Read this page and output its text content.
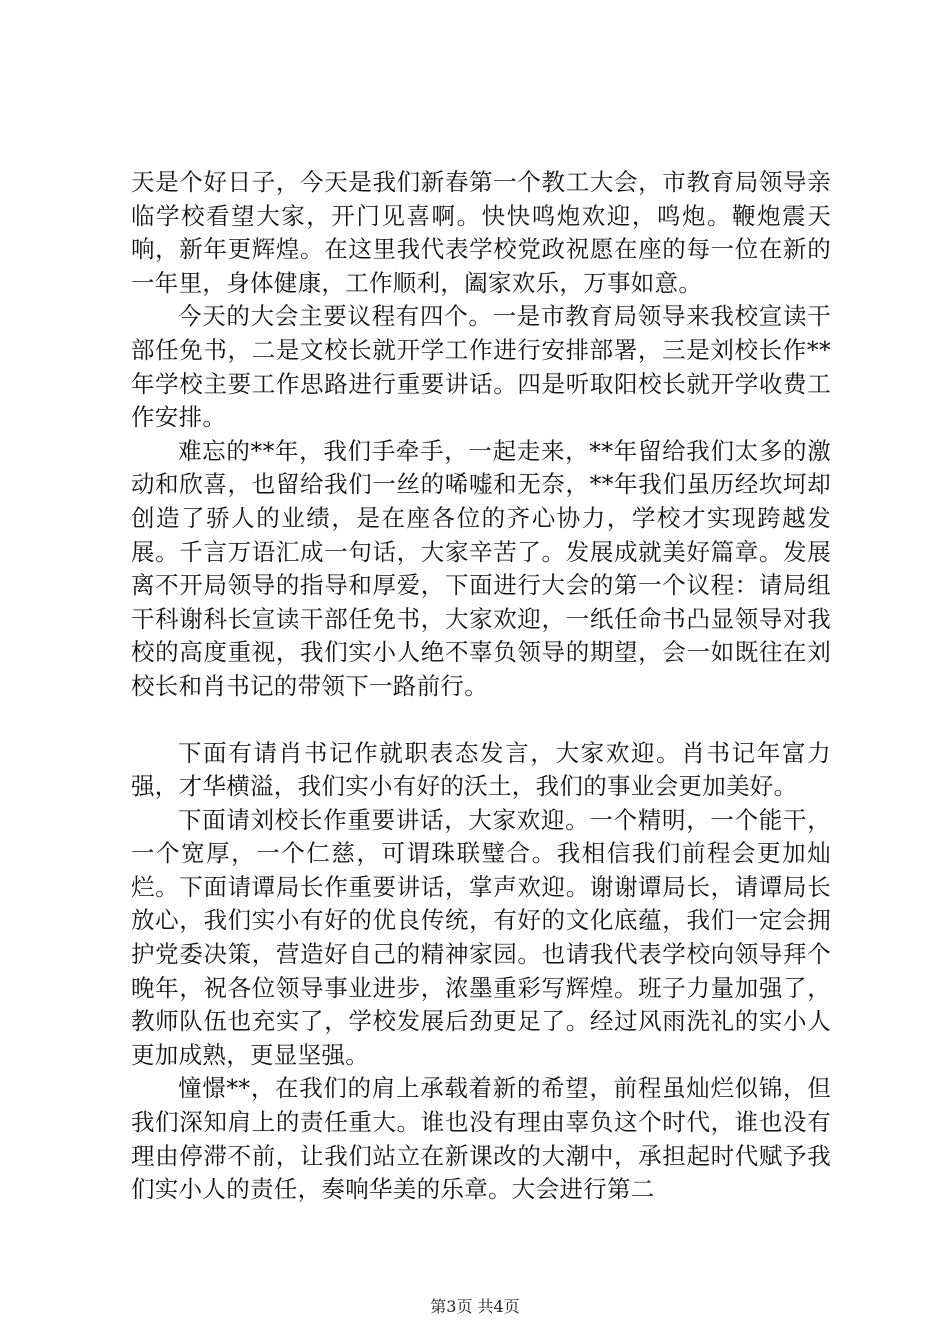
天是个好日子，今天是我们新春第一个教工大会，市教育局领导亲临学校看望大家，开门见喜啊。快快鸣炮欢迎，鸣炮。鞭炮震天响，新年更辉煌。在这里我代表学校党政祝愿在座的每一位在新的一年里，身体健康，工作顺利，阖家欢乐，万事如意。

今天的大会主要议程有四个。一是市教育局领导来我校宣读干部任免书，二是文校长就开学工作进行安排部署，三是刘校长作**年学校主要工作思路进行重要讲话。四是听取阳校长就开学收费工作安排。

难忘的**年，我们手牵手，一起走来，**年留给我们太多的激动和欣喜，也留给我们一丝的唏嘘和无奈，**年我们虽历经坎坷却创造了骄人的业绩，是在座各位的齐心协力，学校才实现跨越发展。千言万语汇成一句话，大家辛苦了。发展成就美好篇章。发展离不开局领导的指导和厚爱，下面进行大会的第一个议程：请局组干科谢科长宣读干部任免书，大家欢迎，一纸任命书凸显领导对我校的高度重视，我们实小人绝不辜负领导的期望，会一如既往在刘校长和肖书记的带领下一路前行。

下面有请肖书记作就职表态发言，大家欢迎。肖书记年富力强，才华横溢，我们实小有好的沃土，我们的事业会更加美好。

下面请刘校长作重要讲话，大家欢迎。一个精明，一个能干，一个宽厚，一个仁慈，可谓珠联璧合。我相信我们前程会更加灿烂。下面请谭局长作重要讲话，掌声欢迎。谢谢谭局长，请谭局长放心，我们实小有好的优良传统，有好的文化底蕴，我们一定会拥护党委决策，营造好自己的精神家园。也请我代表学校向领导拜个晚年，祝各位领导事业进步，浓墨重彩写辉煌。班子力量加强了，教师队伍也充实了，学校发展后劲更足了。经过风雨洗礼的实小人更加成熟，更显坚强。

憧憬**，在我们的肩上承载着新的希望，前程虽灿烂似锦，但我们深知肩上的责任重大。谁也没有理由辜负这个时代，谁也没有理由停滞不前，让我们站立在新课改的大潮中，承担起时代赋予我们实小人的责任，奏响华美的乐章。大会进行第二

第3页 共4页
